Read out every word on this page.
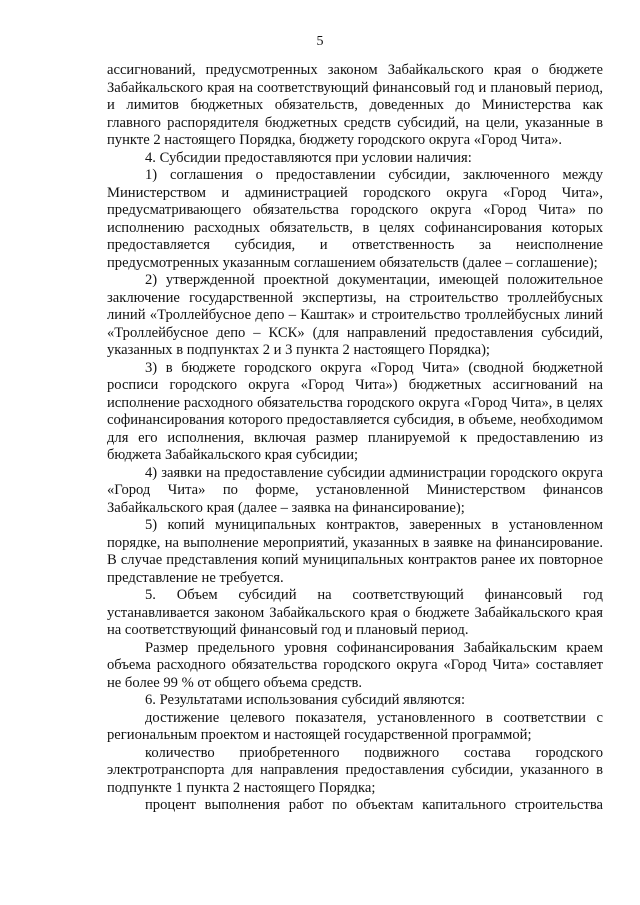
5

ассигнований, предусмотренных законом Забайкальского края о бюджете Забайкальского края на соответствующий финансовый год и плановый период, и лимитов бюджетных обязательств, доведенных до Министерства как главного распорядителя бюджетных средств субсидий, на цели, указанные в пункте 2 настоящего Порядка, бюджету городского округа «Город Чита».

4. Субсидии предоставляются при условии наличия:

1) соглашения о предоставлении субсидии, заключенного между Министерством и администрацией городского округа «Город Чита», предусматривающего обязательства городского округа «Город Чита» по исполнению расходных обязательств, в целях софинансирования которых предоставляется субсидия, и ответственность за неисполнение предусмотренных указанным соглашением обязательств (далее – соглашение);

2) утвержденной проектной документации, имеющей положительное заключение государственной экспертизы, на строительство троллейбусных линий «Троллейбусное депо – Каштак» и строительство троллейбусных линий «Троллейбусное депо – КСК» (для направлений предоставления субсидий, указанных в подпунктах 2 и 3 пункта 2 настоящего Порядка);

3) в бюджете городского округа «Город Чита» (сводной бюджетной росписи городского округа «Город Чита») бюджетных ассигнований на исполнение расходного обязательства городского округа «Город Чита», в целях софинансирования которого предоставляется субсидия, в объеме, необходимом для его исполнения, включая размер планируемой к предоставлению из бюджета Забайкальского края субсидии;

4) заявки на предоставление субсидии администрации городского округа «Город Чита» по форме, установленной Министерством финансов Забайкальского края (далее – заявка на финансирование);

5) копий муниципальных контрактов, заверенных в установленном порядке, на выполнение мероприятий, указанных в заявке на финансирование. В случае представления копий муниципальных контрактов ранее их повторное представление не требуется.

5. Объем субсидий на соответствующий финансовый год устанавливается законом Забайкальского края о бюджете Забайкальского края на соответствующий финансовый год и плановый период.

Размер предельного уровня софинансирования Забайкальским краем объема расходного обязательства городского округа «Город Чита» составляет не более 99 % от общего объема средств.

6. Результатами использования субсидий являются:

достижение целевого показателя, установленного в соответствии с региональным проектом и настоящей государственной программой;

количество приобретенного подвижного состава городского электротранспорта для направления предоставления субсидии, указанного в подпункте 1 пункта 2 настоящего Порядка;

процент выполнения работ по объектам капитального строительства
